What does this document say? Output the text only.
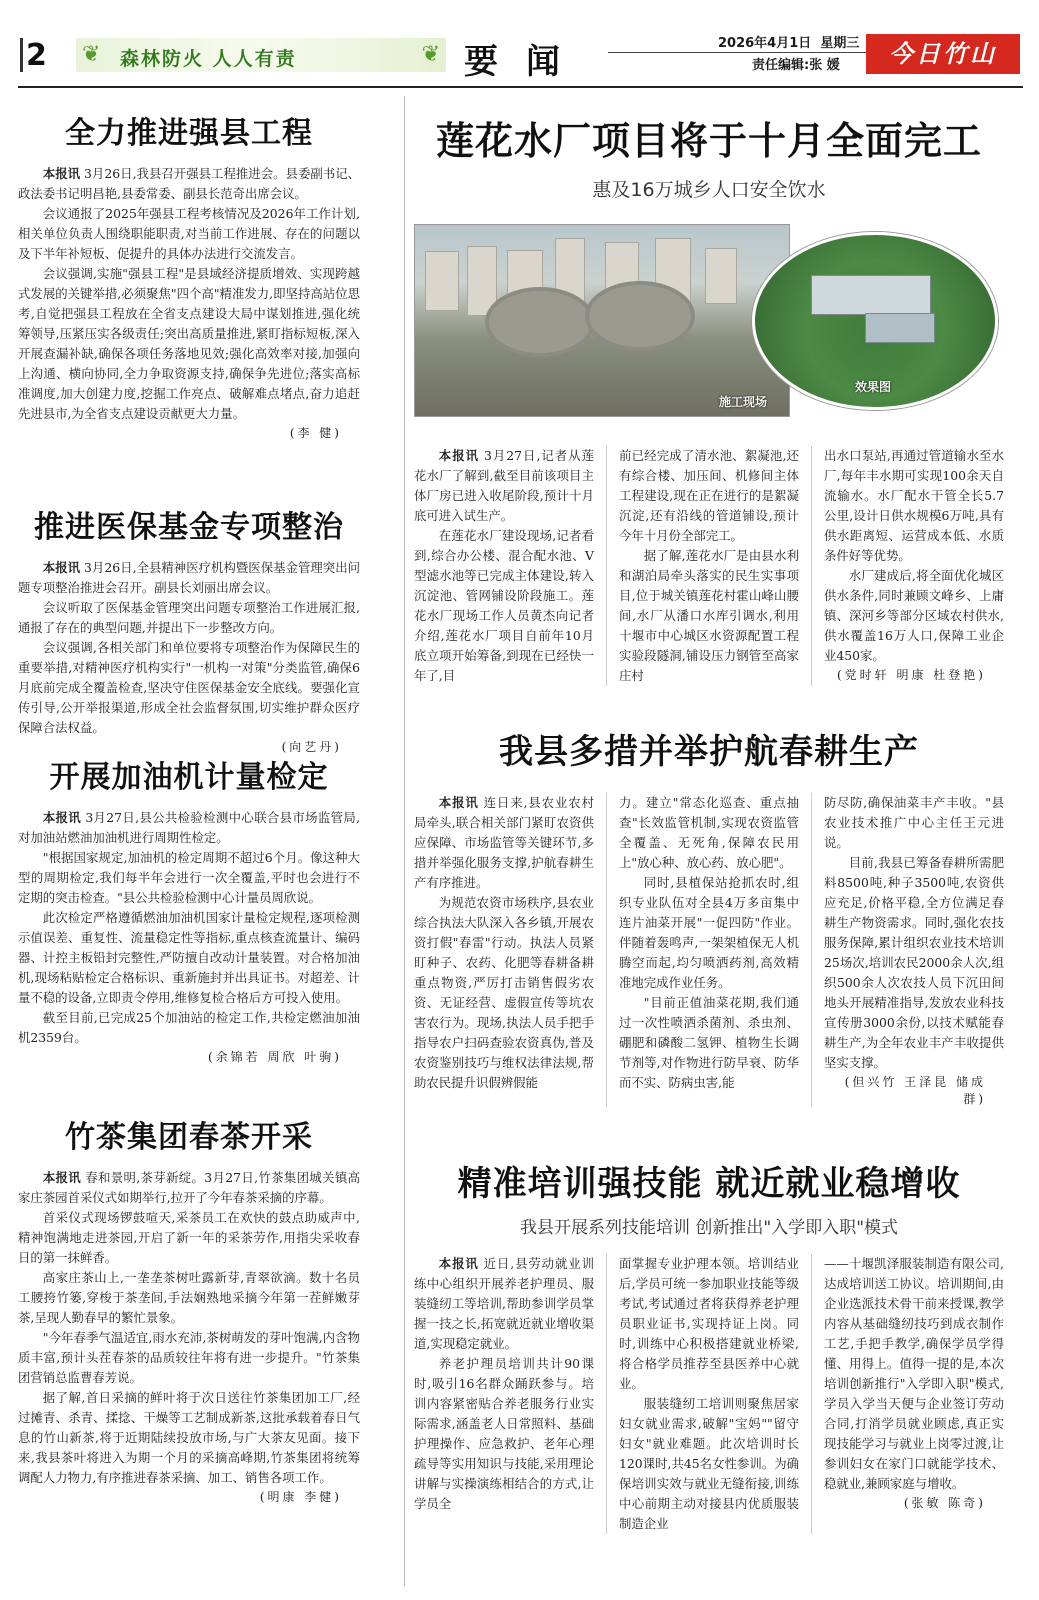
2 ❦ 森林防火 人人有责	❦ 要闻	2026年4月1日 星期三
责任编辑:张 媛	今日竹山
全力推进强县工程

本报讯 3月26日,我县召开强县工程推进会。县委副书记、政法委书记明昌艳,县委常委、副县长范奇出席会议。

会议通报了2025年强县工程考核情况及2026年工作计划,相关单位负责人围绕职能职责,对当前工作进展、存在的问题以及下半年补短板、促提升的具体办法进行交流发言。

会议强调,实施"强县工程"是县域经济提质增效、实现跨越式发展的关键举措,必须聚焦"四个高"精准发力,即坚持高站位思考,自觉把强县工程放在全省支点建设大局中谋划推进,强化统筹领导,压紧压实各级责任;突出高质量推进,紧盯指标短板,深入开展查漏补缺,确保各项任务落地见效;强化高效率对接,加强向上沟通、横向协同,全力争取资源支持,确保争先进位;落实高标准调度,加大创建力度,挖掘工作亮点、破解难点堵点,奋力追赶先进县市,为全省支点建设贡献更大力量。

(李 健)
推进医保基金专项整治

本报讯 3月26日,全县精神医疗机构暨医保基金管理突出问题专项整治推进会召开。副县长刘丽出席会议。

会议听取了医保基金管理突出问题专项整治工作进展汇报,通报了存在的典型问题,并提出下一步整改方向。

会议强调,各相关部门和单位要将专项整治作为保障民生的重要举措,对精神医疗机构实行"一机构一对策"分类监管,确保6月底前完成全覆盖检查,坚决守住医保基金安全底线。要强化宣传引导,公开举报渠道,形成全社会监督氛围,切实维护群众医疗保障合法权益。

(向艺丹)
开展加油机计量检定

本报讯 3月27日,县公共检验检测中心联合县市场监管局,对加油站燃油加油机进行周期性检定。

"根据国家规定,加油机的检定周期不超过6个月。像这种大型的周期检定,我们每半年会进行一次全覆盖,平时也会进行不定期的突击检查。"县公共检验检测中心计量员周欣说。

此次检定严格遵循燃油加油机国家计量检定规程,逐项检测示值误差、重复性、流量稳定性等指标,重点核查流量计、编码器、计控主板铅封完整性,严防擅自改动计量装置。对合格加油机,现场粘贴检定合格标识、重新施封并出具证书。对超差、计量不稳的设备,立即责令停用,维修复检合格后方可投入使用。

截至目前,已完成25个加油站的检定工作,共检定燃油加油机2359台。

(余锦若 周欣 叶驹)
竹茶集团春茶开采

本报讯 春和景明,茶芽新绽。3月27日,竹茶集团城关镇高家庄茶园首采仪式如期举行,拉开了今年春茶采摘的序幕。

首采仪式现场锣鼓喧天,采茶员工在欢快的鼓点助威声中,精神饱满地走进茶园,开启了新一年的采茶劳作,用指尖采收春日的第一抹鲜香。

高家庄茶山上,一垄垄茶树吐露新芽,青翠欲滴。数十名员工腰挎竹篓,穿梭于茶垄间,手法娴熟地采摘今年第一茬鲜嫩芽茶,呈现人勤春早的繁忙景象。

"今年春季气温适宜,雨水充沛,茶树萌发的芽叶饱满,内含物质丰富,预计头茬春茶的品质较往年将有进一步提升。"竹茶集团营销总监曹春芳说。

据了解,首日采摘的鲜叶将于次日送往竹茶集团加工厂,经过摊青、杀青、揉捻、干燥等工艺制成新茶,这批承载着春日气息的竹山新茶,将于近期陆续投放市场,与广大茶友见面。接下来,我县茶叶将进入为期一个月的采摘高峰期,竹茶集团将统筹调配人力物力,有序推进春茶采摘、加工、销售各项工作。

(明康 李健)
莲花水厂项目将于十月全面完工
惠及16万城乡人口安全饮水
施工现场
效果图

本报讯 3月27日,记者从莲花水厂了解到,截至目前该项目主体厂房已进入收尾阶段,预计十月底可进入试生产。

在莲花水厂建设现场,记者看到,综合办公楼、混合配水池、V型滤水池等已完成主体建设,转入沉淀池、管网铺设阶段施工。莲花水厂现场工作人员黄杰向记者介绍,莲花水厂项目自前年10月底立项开始筹备,到现在已经快一年了,目

前已经完成了清水池、絮凝池,还有综合楼、加压间、机修间主体工程建设,现在正在进行的是絮凝沉淀,还有沿线的管道铺设,预计今年十月份全部完工。

据了解,莲花水厂是由县水利和湖泊局牵头落实的民生实事项目,位于城关镇莲花村霍山峰山腰间,水厂从潘口水库引调水,利用十堰市中心城区水资源配置工程实验段隧洞,铺设压力钢管至高家庄村

出水口泵站,再通过管道输水至水厂,每年丰水期可实现100余天自流输水。水厂配水干管全长5.7公里,设计日供水规模6万吨,具有供水距离短、运营成本低、水质条件好等优势。

水厂建成后,将全面优化城区供水条件,同时兼顾文峰乡、上庸镇、深河乡等部分区域农村供水,供水覆盖16万人口,保障工业企业450家。

(党时轩 明康 杜登艳)
我县多措并举护航春耕生产

本报讯 连日来,县农业农村局牵头,联合相关部门紧盯农资供应保障、市场监管等关键环节,多措并举强化服务支撑,护航春耕生产有序推进。

为规范农资市场秩序,县农业综合执法大队深入各乡镇,开展农资打假"春雷"行动。执法人员紧盯种子、农药、化肥等春耕备耕重点物资,严厉打击销售假劣农资、无证经营、虚假宣传等坑农害农行为。现场,执法人员手把手指导农户扫码查验农资真伪,普及农资鉴别技巧与维权法律法规,帮助农民提升识假辨假能

力。建立"常态化巡查、重点抽查"长效监管机制,实现农资监管全覆盖、无死角,保障农民用上"放心种、放心药、放心肥"。

同时,县植保站抢抓农时,组织专业队伍对全县4万多亩集中连片油菜开展"一促四防"作业。伴随着轰鸣声,一架架植保无人机腾空而起,均匀喷洒药剂,高效精准地完成作业任务。

"目前正值油菜花期,我们通过一次性喷洒杀菌剂、杀虫剂、硼肥和磷酸二氢钾、植物生长调节剂等,对作物进行防早衰、防华而不实、防病虫害,能

防尽防,确保油菜丰产丰收。"县农业技术推广中心主任王元进说。

目前,我县已筹备春耕所需肥料8500吨,种子3500吨,农资供应充足,价格平稳,全方位满足春耕生产物资需求。同时,强化农技服务保障,累计组织农业技术培训25场次,培训农民2000余人次,组织500余人次农技人员下沉田间地头开展精准指导,发放农业科技宣传册3000余份,以技术赋能春耕生产,为全年农业丰产丰收提供坚实支撑。

(但兴竹 王泽昆 储成群)
精准培训强技能 就近就业稳增收
我县开展系列技能培训 创新推出"入学即入职"模式

本报讯 近日,县劳动就业训练中心组织开展养老护理员、服装缝纫工等培训,帮助参训学员掌握一技之长,拓宽就近就业增收渠道,实现稳定就业。

养老护理员培训共计90课时,吸引16名群众踊跃参与。培训内容紧密贴合养老服务行业实际需求,涵盖老人日常照料、基础护理操作、应急救护、老年心理疏导等实用知识与技能,采用理论讲解与实操演练相结合的方式,让学员全

面掌握专业护理本领。培训结业后,学员可统一参加职业技能等级考试,考试通过者将获得养老护理员职业证书,实现持证上岗。同时,训练中心积极搭建就业桥梁,将合格学员推荐至县医养中心就业。

服装缝纫工培训则聚焦居家妇女就业需求,破解"宝妈""留守妇女"就业难题。此次培训时长120课时,共45名女性参训。为确保培训实效与就业无缝衔接,训练中心前期主动对接县内优质服装制造企业

——十堰凯泽服装制造有限公司,达成培训送工协议。培训期间,由企业选派技术骨干前来授课,教学内容从基础缝纫技巧到成衣制作工艺,手把手教学,确保学员学得懂、用得上。值得一提的是,本次培训创新推行"入学即入职"模式,学员入学当天便与企业签订劳动合同,打消学员就业顾虑,真正实现技能学习与就业上岗零过渡,让参训妇女在家门口就能学技术、稳就业,兼顾家庭与增收。

(张敏 陈奇)
